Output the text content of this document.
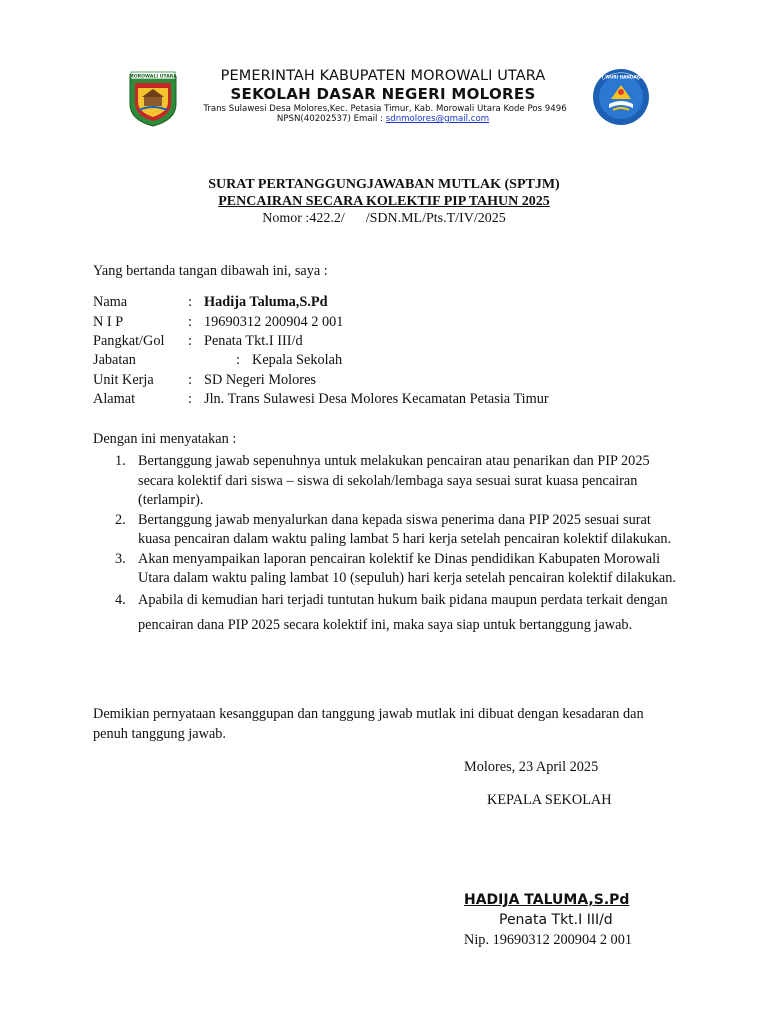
MOROWALI UTARA	TUT WURI HANDAYANI
PEMERINTAH KABUPATEN MOROWALI UTARA
SEKOLAH DASAR NEGERI MOLORES
Trans Sulawesi Desa Molores,Kec. Petasia Timur, Kab. Morowali Utara Kode Pos 9496
NPSN(40202537) Email : sdnmolores@gmail.com
SURAT PERTANGGUNGJAWABAN MUTLAK (SPTJM)
PENCAIRAN SECARA KOLEKTIF PIP TAHUN 2025
Nomor :422.2/      /SDN.ML/Pts.T/IV/2025
Yang bertanda tangan dibawah ini, saya :
Nama	: Hadija Taluma,S.Pd
N I P	: 19690312 200904 2 001
Pangkat/Gol : Penata Tkt.I III/d
Jabatan	: Kepala Sekolah
Unit Kerja : SD Negeri Molores
Alamat	: Jln. Trans Sulawesi Desa Molores Kecamatan Petasia Timur
Dengan ini menyatakan :
1. Bertanggung jawab sepenuhnya untuk melakukan pencairan atau penarikan dan PIP 2025 secara kolektif dari siswa – siswa di sekolah/lembaga saya sesuai surat kuasa pencairan (terlampir).
2. Bertanggung jawab menyalurkan dana kepada siswa penerima dana PIP 2025 sesuai surat kuasa pencairan dalam waktu paling lambat 5 hari kerja setelah pencairan kolektif dilakukan.
3. Akan menyampaikan laporan pencairan kolektif ke Dinas pendidikan Kabupaten Morowali Utara dalam waktu paling lambat 10 (sepuluh) hari kerja setelah pencairan kolektif dilakukan.
4. Apabila di kemudian hari terjadi tuntutan hukum baik pidana maupun perdata terkait dengan pencairan dana PIP 2025 secara kolektif ini, maka saya siap untuk bertanggung jawab.
Demikian pernyataan kesanggupan dan tanggung jawab mutlak ini dibuat dengan kesadaran dan penuh tanggung jawab.
Molores, 23 April 2025
KEPALA SEKOLAH
HADIJA TALUMA,S.Pd
Penata Tkt.I III/d
Nip. 19690312 200904 2 001
